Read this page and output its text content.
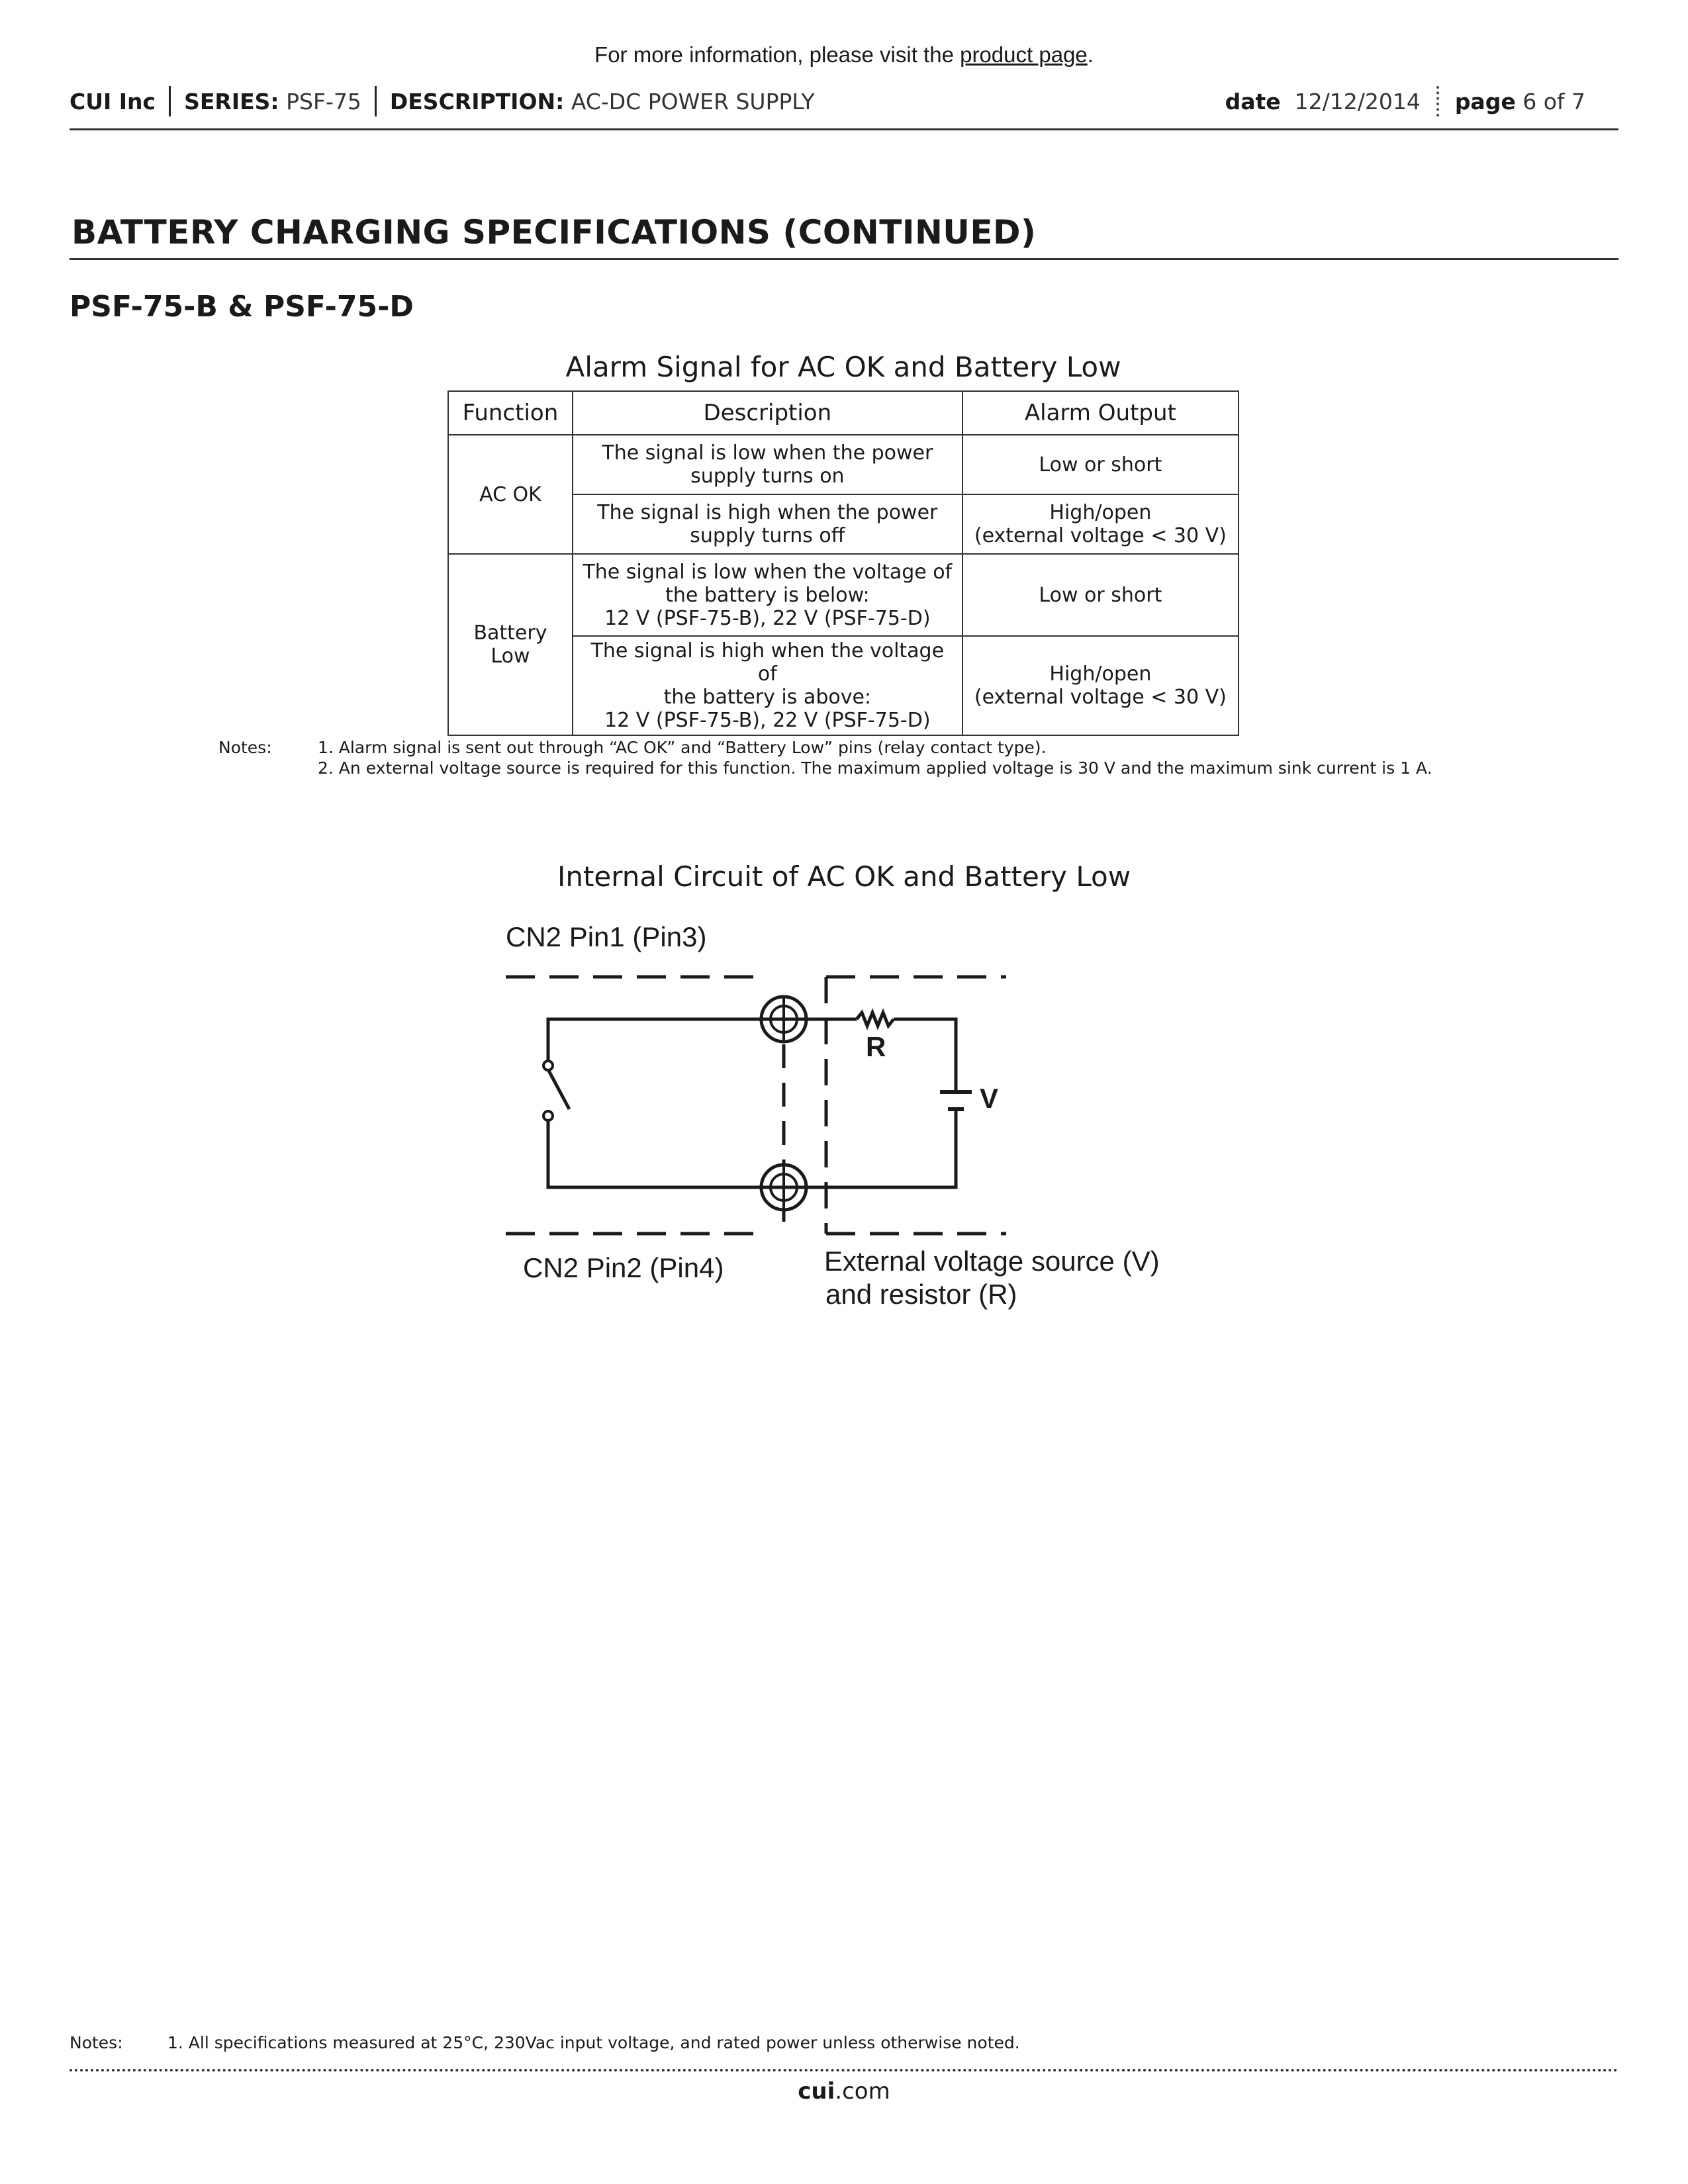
For more information, please visit the product page.
CUI Inc SERIES:
PSF-75 DESCRIPTION:
AC-DC POWER SUPPLY	date
12/12/2014 page
6 of 7
BATTERY CHARGING SPECIFICATIONS (CONTINUED)
PSF-75-B & PSF-75-D
Alarm Signal for AC OK and Battery Low
Function	Description	Alarm Output
AC OK	The signal is low when the power
supply turns on	Low or short
	The signal is high when the power
supply turns off	High/open
(external voltage < 30 V)
Battery
Low	The signal is low when the voltage of
the battery is below:
12 V (PSF-75-B), 22 V (PSF-75-D)	Low or short
	The signal is high when the voltage of
the battery is above:
12 V (PSF-75-B), 22 V (PSF-75-D)	High/open
(external voltage < 30 V)
Notes:	1. Alarm signal is sent out through “AC OK” and “Battery Low” pins (relay contact type).
2. An external voltage source is required for this function. The maximum applied voltage is 30 V and the maximum sink current is 1 A.
Internal Circuit of AC OK and Battery Low
CN2 Pin1 (Pin3)
CN2 Pin2 (Pin4)	External voltage source (V)
and resistor (R)
R
V
Notes:	1. All specifications measured at 25°C, 230Vac input voltage, and rated power unless otherwise noted.
cui.com
